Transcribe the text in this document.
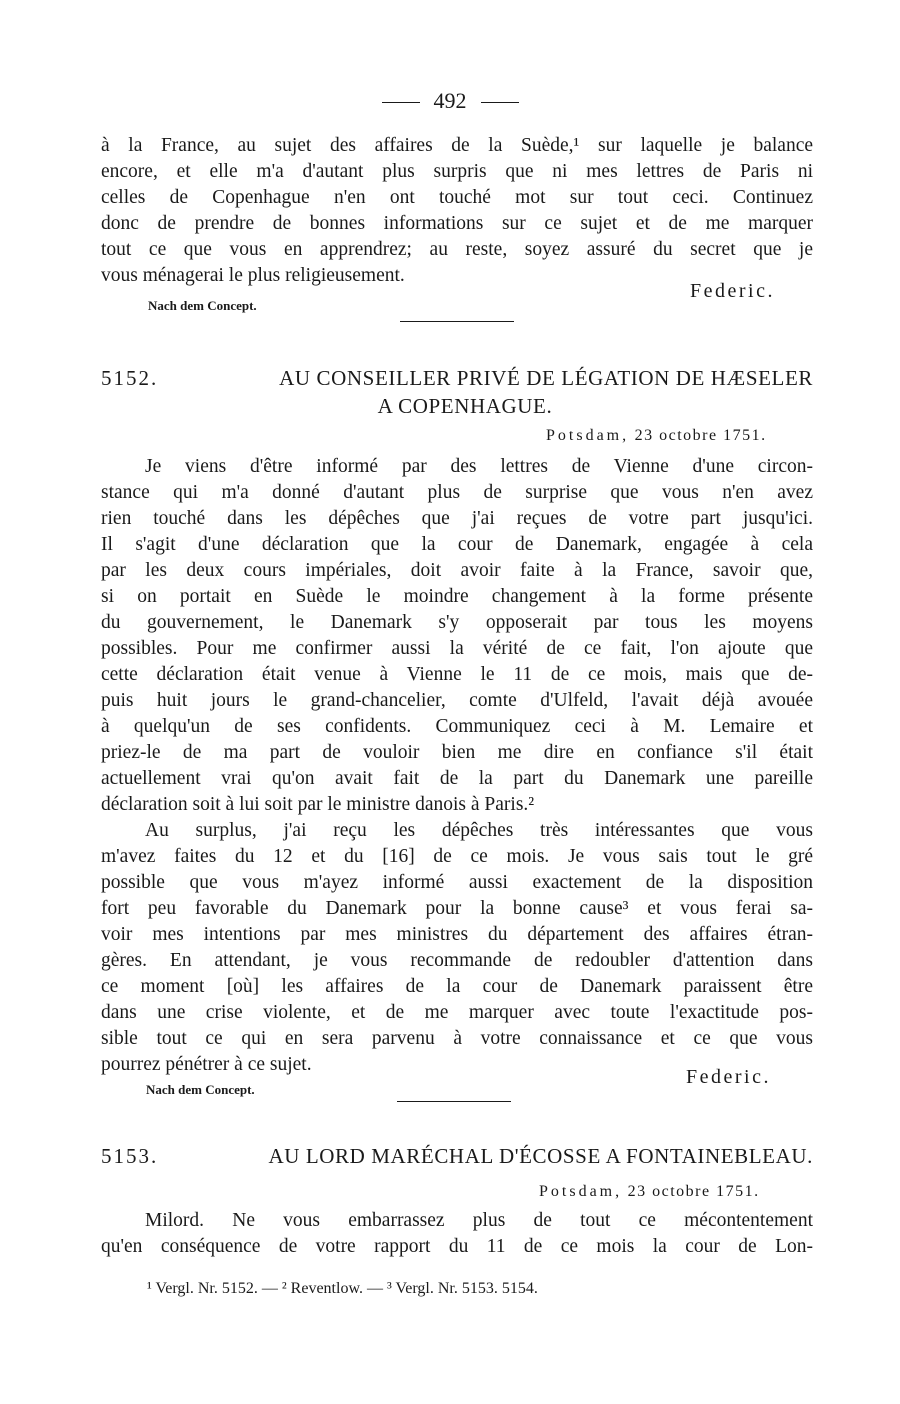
492
à la France, au sujet des affaires de la Suède,¹ sur laquelle je balance
encore, et elle m'a d'autant plus surpris que ni mes lettres de Paris ni
celles de Copenhague n'en ont touché mot sur tout ceci. Continuez
donc de prendre de bonnes informations sur ce sujet et de me marquer
tout ce que vous en apprendrez; au reste, soyez assuré du secret que je
vous ménagerai le plus religieusement.
Federic.
Nach dem Concept.
5152.	AU CONSEILLER PRIVÉ DE LÉGATION DE HÆSELER
A COPENHAGUE.
Potsdam, 23 octobre 1751.
Je viens d'être informé par des lettres de Vienne d'une circon-
stance qui m'a donné d'autant plus de surprise que vous n'en avez
rien touché dans les dépêches que j'ai reçues de votre part jusqu'ici.
Il s'agit d'une déclaration que la cour de Danemark, engagée à cela
par les deux cours impériales, doit avoir faite à la France, savoir que,
si on portait en Suède le moindre changement à la forme présente
du gouvernement, le Danemark s'y opposerait par tous les moyens
possibles. Pour me confirmer aussi la vérité de ce fait, l'on ajoute que
cette déclaration était venue à Vienne le 11 de ce mois, mais que de-
puis huit jours le grand-chancelier, comte d'Ulfeld, l'avait déjà avouée
à quelqu'un de ses confidents. Communiquez ceci à M. Lemaire et
priez-le de ma part de vouloir bien me dire en confiance s'il était
actuellement vrai qu'on avait fait de la part du Danemark une pareille
déclaration soit à lui soit par le ministre danois à Paris.²
Au surplus, j'ai reçu les dépêches très intéressantes que vous
m'avez faites du 12 et du [16] de ce mois. Je vous sais tout le gré
possible que vous m'ayez informé aussi exactement de la disposition
fort peu favorable du Danemark pour la bonne cause³ et vous ferai sa-
voir mes intentions par mes ministres du département des affaires étran-
gères. En attendant, je vous recommande de redoubler d'attention dans
ce moment [où] les affaires de la cour de Danemark paraissent être
dans une crise violente, et de me marquer avec toute l'exactitude pos-
sible tout ce qui en sera parvenu à votre connaissance et ce que vous
pourrez pénétrer à ce sujet.
Federic.
Nach dem Concept.
5153.	AU LORD MARÉCHAL D'ÉCOSSE A FONTAINEBLEAU.
Potsdam, 23 octobre 1751.
Milord. Ne vous embarrassez plus de tout ce mécontentement
qu'en conséquence de votre rapport du 11 de ce mois la cour de Lon-
¹ Vergl. Nr. 5152. — ² Reventlow. — ³ Vergl. Nr. 5153. 5154.
